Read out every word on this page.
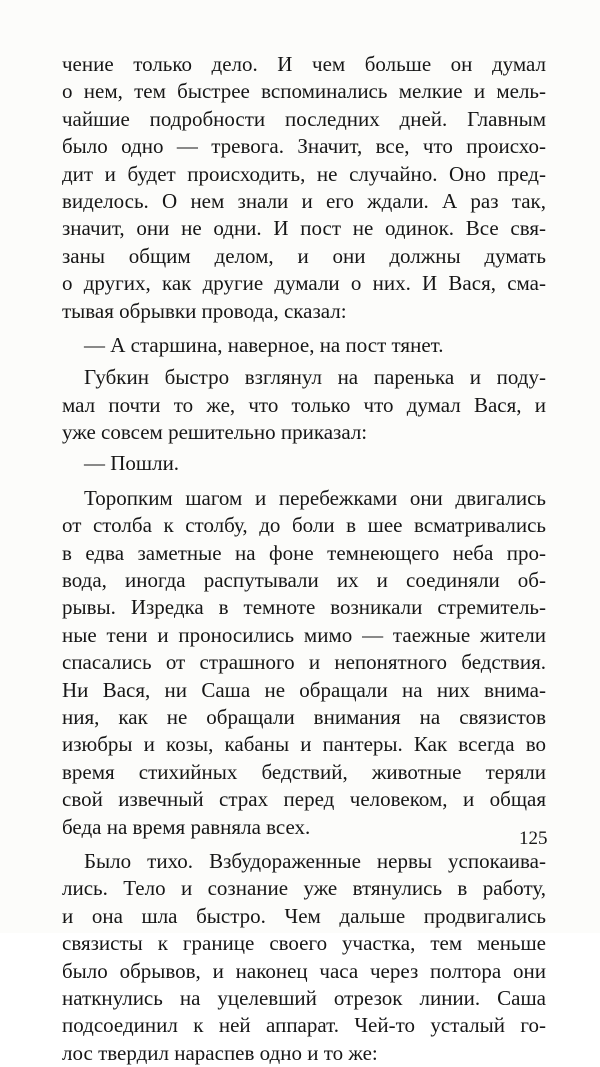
чение только дело. И чем больше он думал
о нем, тем быстрее вспоминались мелкие и мель-
чайшие подробности последних дней. Главным
было одно — тревога. Значит, все, что происхо-
дит и будет происходить, не случайно. Оно пред-
виделось. О нем знали и его ждали. А раз так,
значит, они не одни. И пост не одинок. Все свя-
заны общим делом, и они должны думать
о других, как другие думали о них. И Вася, сма-
тывая обрывки провода, сказал:
— А старшина, наверное, на пост тянет.
Губкин быстро взглянул на паренька и поду-
мал почти то же, что только что думал Вася, и
уже совсем решительно приказал:
— Пошли.
Торопким шагом и перебежками они двигались
от столба к столбу, до боли в шее всматривались
в едва заметные на фоне темнеющего неба про-
вода, иногда распутывали их и соединяли об-
рывы. Изредка в темноте возникали стремитель-
ные тени и проносились мимо — таежные жители
спасались от страшного и непонятного бедствия.
Ни Вася, ни Саша не обращали на них внима-
ния, как не обращали внимания на связистов
изюбры и козы, кабаны и пантеры. Как всегда во
время стихийных бедствий, животные теряли
свой извечный страх перед человеком, и общая
беда на время равняла всех.
Было тихо. Взбудораженные нервы успокаива-
лись. Тело и сознание уже втянулись в работу,
и она шла быстро. Чем дальше продвигались
связисты к границе своего участка, тем меньше
было обрывов, и наконец часа через полтора они
наткнулись на уцелевший отрезок линии. Саша
подсоединил к ней аппарат. Чей-то усталый го-
лос твердил нараспев одно и то же:
125
